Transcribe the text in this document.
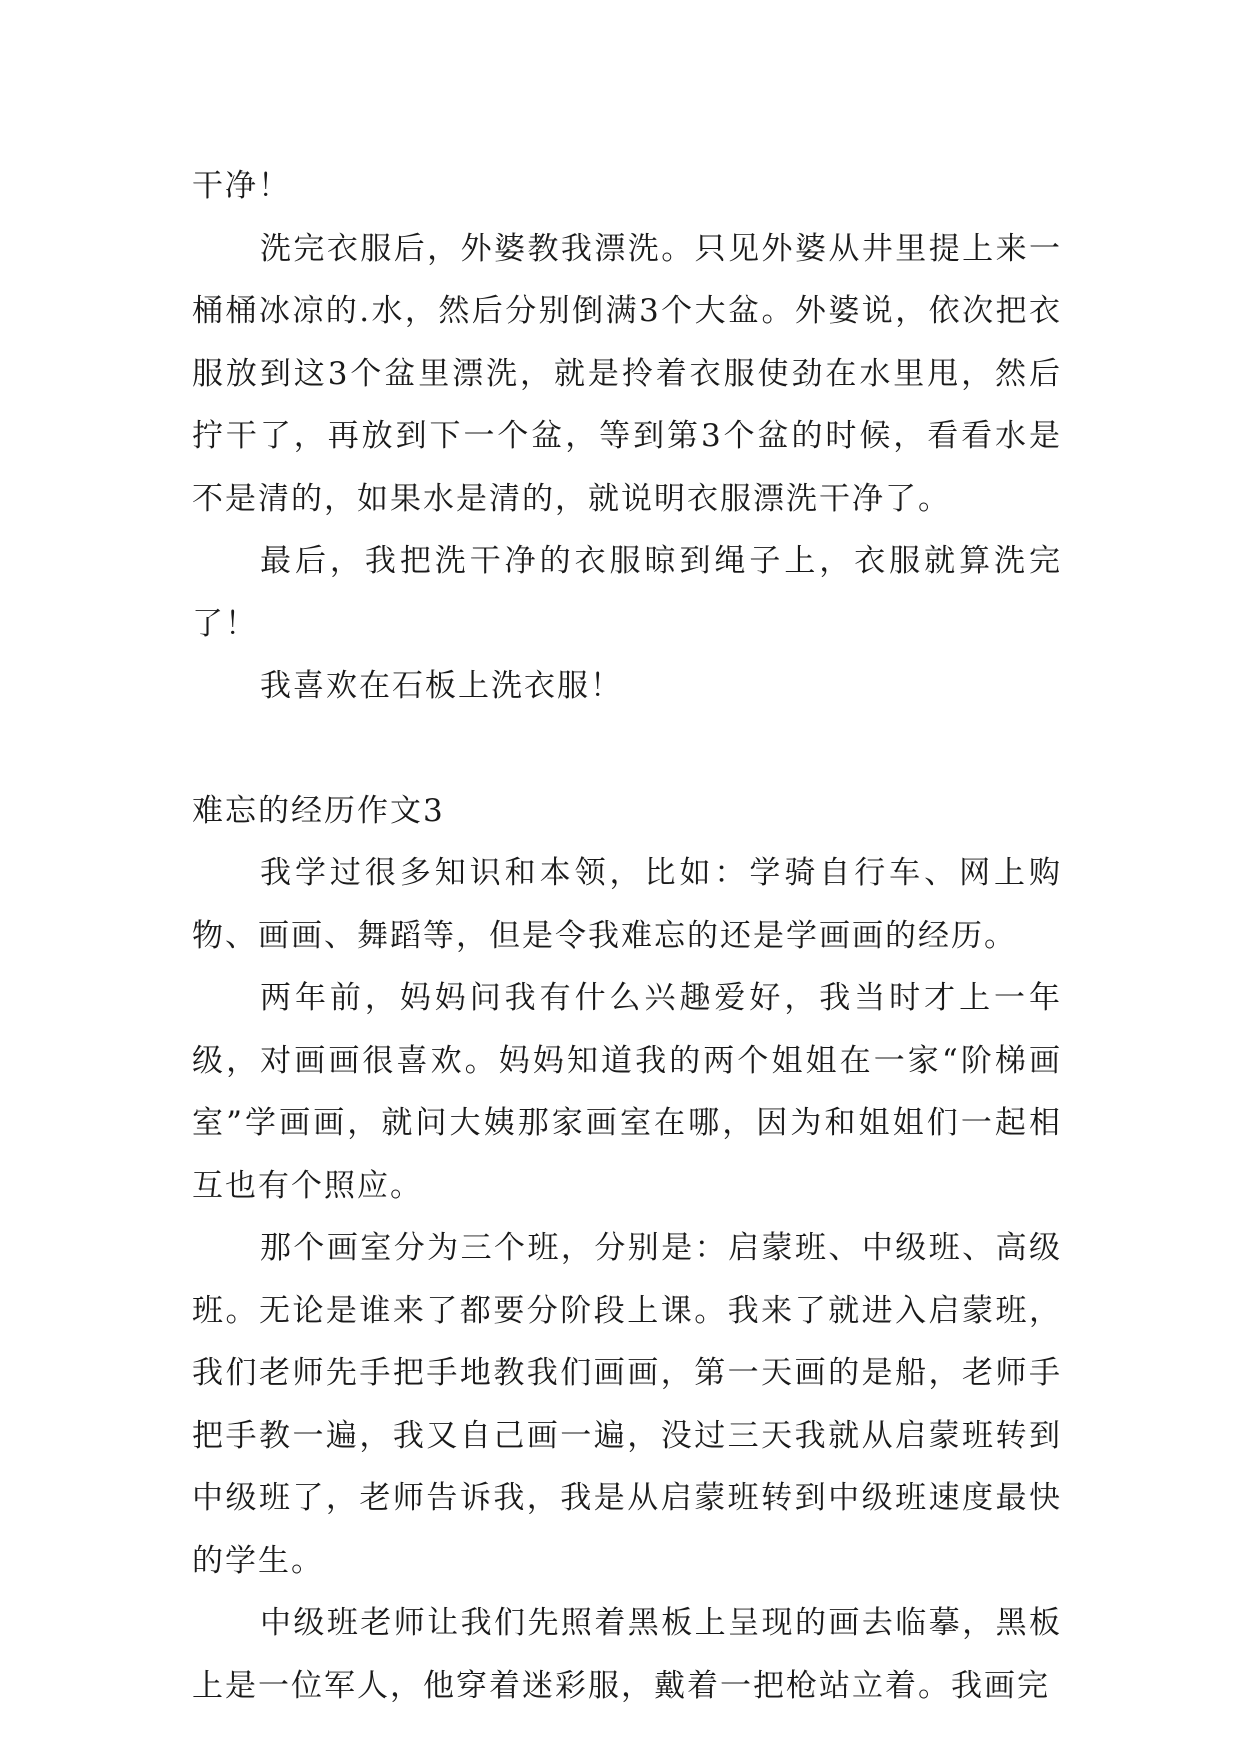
干净！

洗完衣服后，外婆教我漂洗。只见外婆从井里提上来一桶桶冰凉的.水，然后分别倒满3个大盆。外婆说，依次把衣服放到这3个盆里漂洗，就是拎着衣服使劲在水里甩，然后拧干了，再放到下一个盆，等到第3个盆的时候，看看水是不是清的，如果水是清的，就说明衣服漂洗干净了。

最后，我把洗干净的衣服晾到绳子上，衣服就算洗完了！

我喜欢在石板上洗衣服！

难忘的经历作文3

我学过很多知识和本领，比如：学骑自行车、网上购物、画画、舞蹈等，但是令我难忘的还是学画画的经历。

两年前，妈妈问我有什么兴趣爱好，我当时才上一年级，对画画很喜欢。妈妈知道我的两个姐姐在一家“阶梯画室”学画画，就问大姨那家画室在哪，因为和姐姐们一起相互也有个照应。

那个画室分为三个班，分别是：启蒙班、中级班、高级班。无论是谁来了都要分阶段上课。我来了就进入启蒙班，我们老师先手把手地教我们画画，第一天画的是船，老师手把手教一遍，我又自己画一遍，没过三天我就从启蒙班转到中级班了，老师告诉我，我是从启蒙班转到中级班速度最快的学生。

中级班老师让我们先照着黑板上呈现的画去临摹，黑板上是一位军人，他穿着迷彩服，戴着一把枪站立着。我画完
